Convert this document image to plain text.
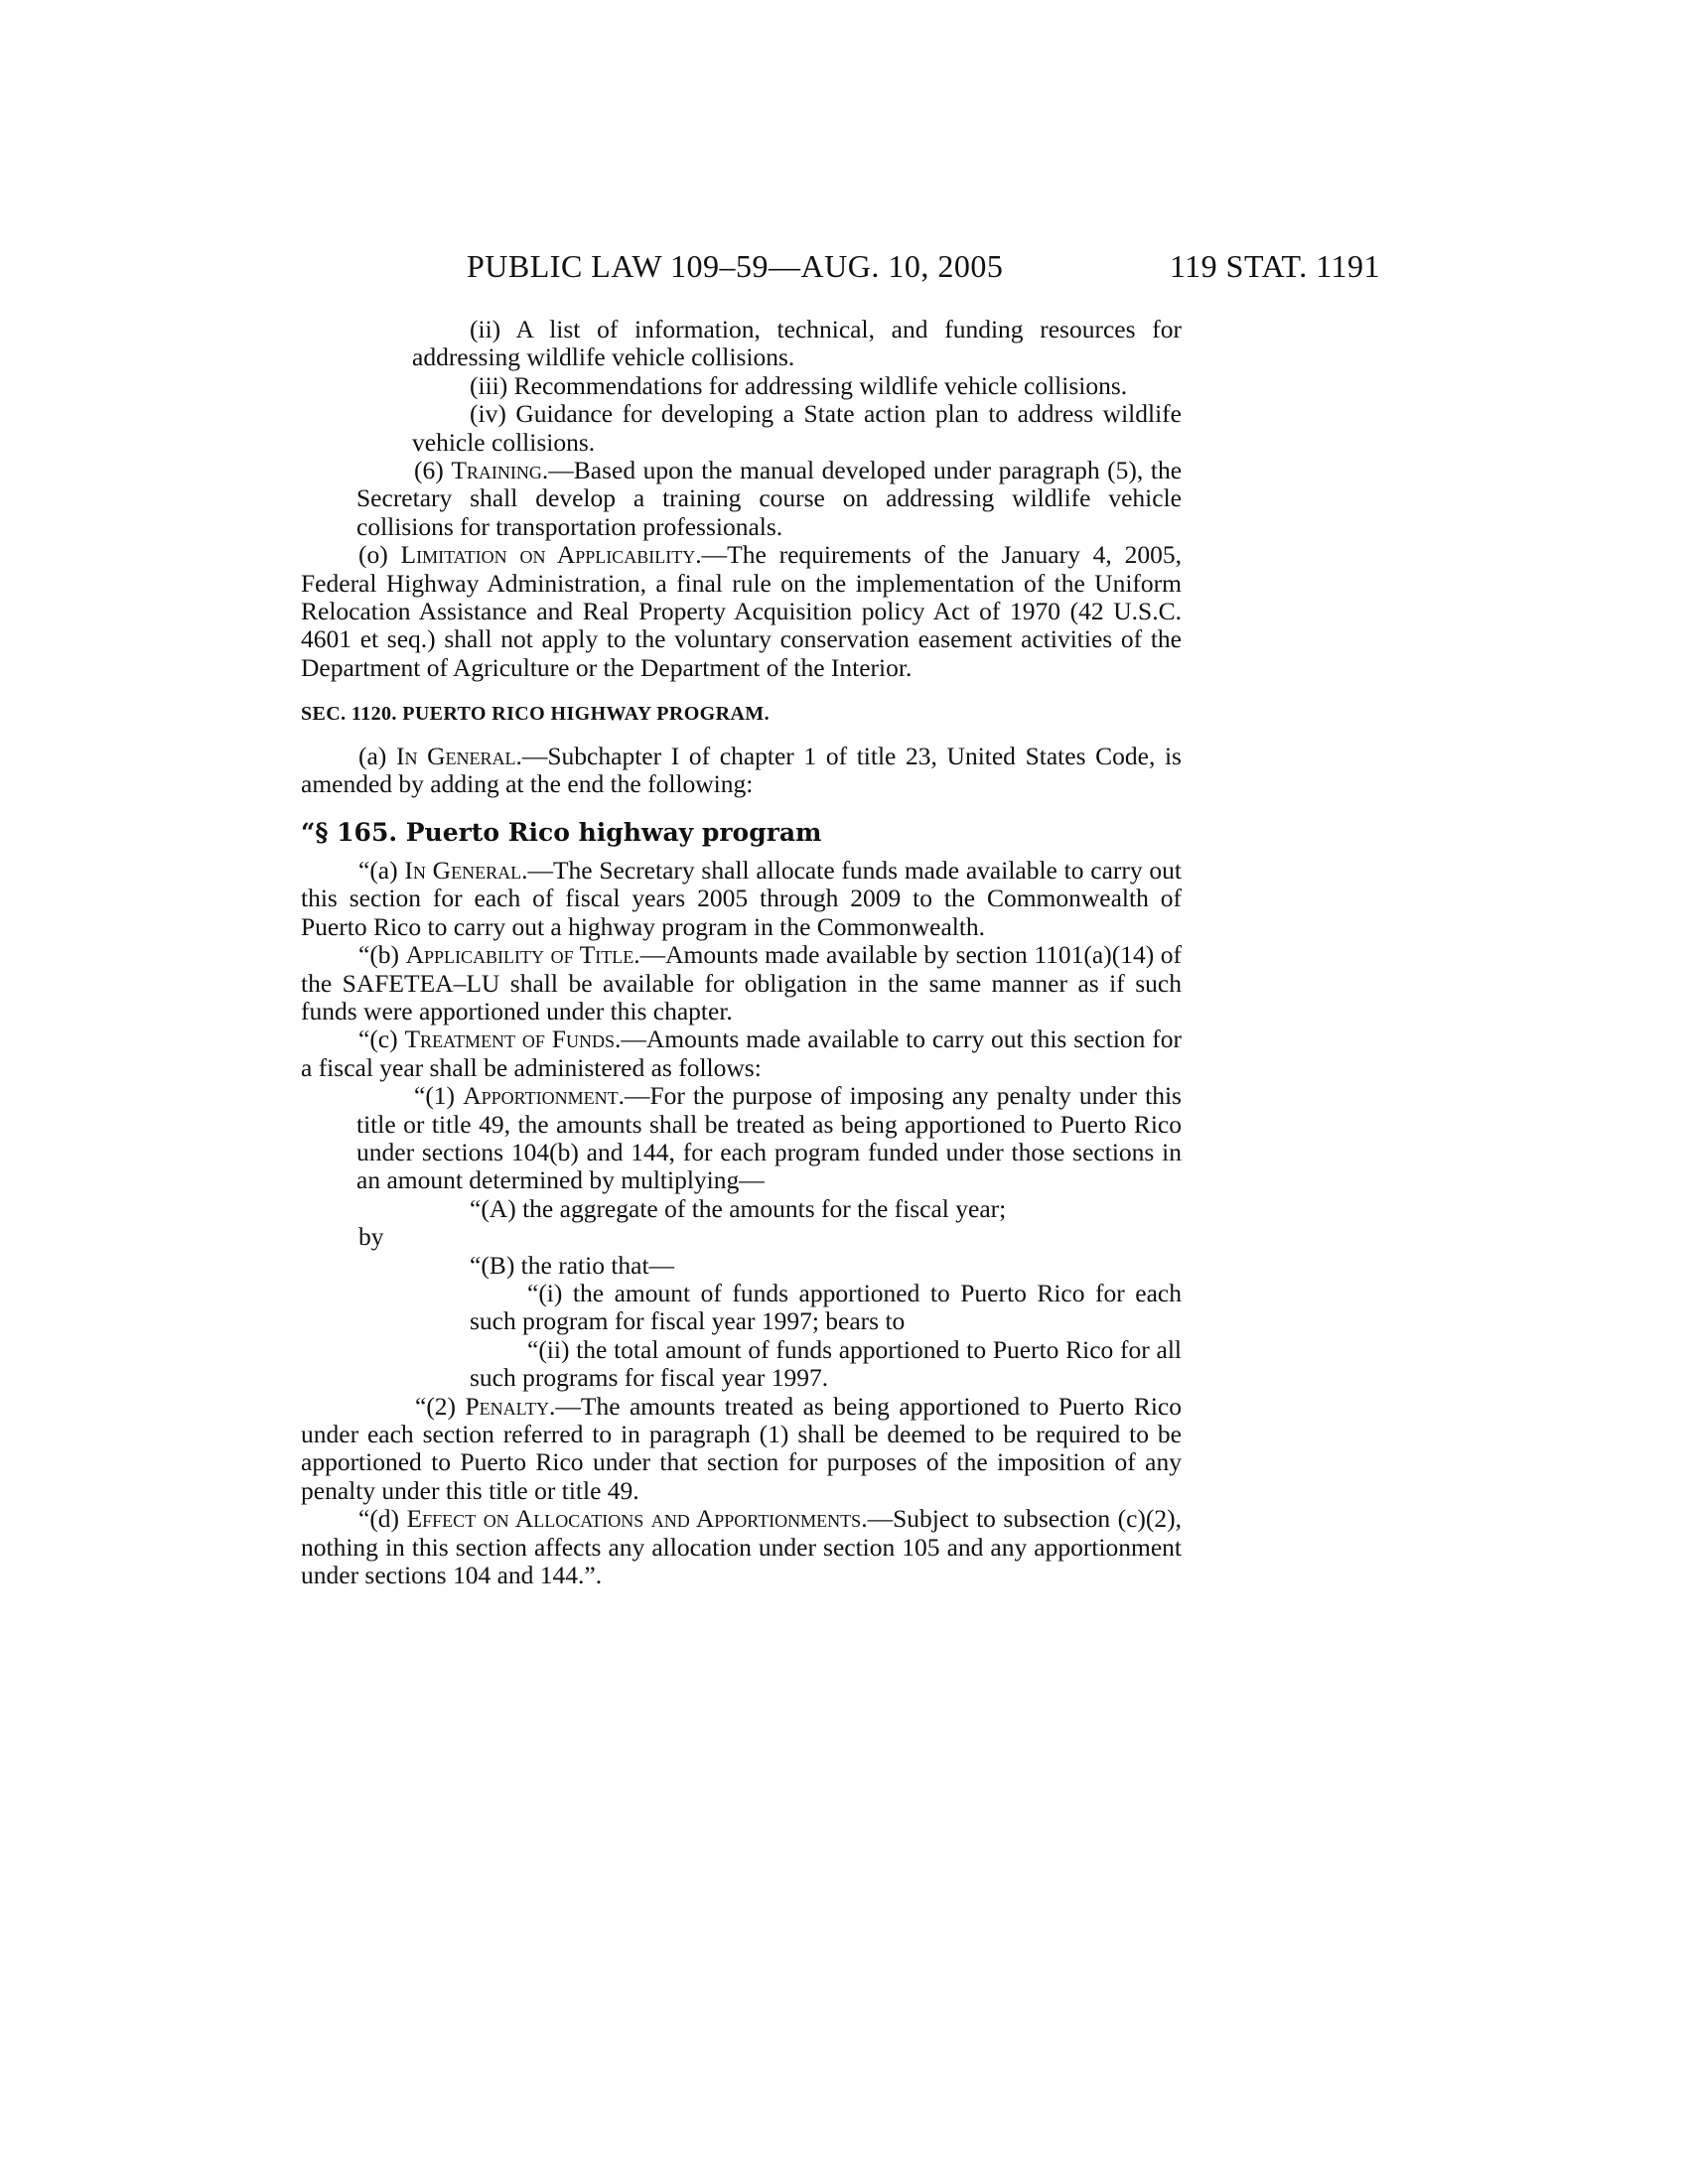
PUBLIC LAW 109–59—AUG. 10, 2005	119 STAT. 1191

(ii) A list of information, technical, and funding resources for addressing wildlife vehicle collisions.

(iii) Recommendations for addressing wildlife vehicle collisions.

(iv) Guidance for developing a State action plan to address wildlife vehicle collisions.

(6) Training.—Based upon the manual developed under paragraph (5), the Secretary shall develop a training course on addressing wildlife vehicle collisions for transportation professionals.

(o) Limitation on Applicability.—The requirements of the January 4, 2005, Federal Highway Administration, a final rule on the implementation of the Uniform Relocation Assistance and Real Property Acquisition policy Act of 1970 (42 U.S.C. 4601 et seq.) shall not apply to the voluntary conservation easement activities of the Department of Agriculture or the Department of the Interior.

SEC. 1120. PUERTO RICO HIGHWAY PROGRAM.

(a) In General.—Subchapter I of chapter 1 of title 23, United States Code, is amended by adding at the end the following:

“§ 165. Puerto Rico highway program

“(a) In General.—The Secretary shall allocate funds made available to carry out this section for each of fiscal years 2005 through 2009 to the Commonwealth of Puerto Rico to carry out a highway program in the Commonwealth.

“(b) Applicability of Title.—Amounts made available by section 1101(a)(14) of the SAFETEA–LU shall be available for obligation in the same manner as if such funds were apportioned under this chapter.

“(c) Treatment of Funds.—Amounts made available to carry out this section for a fiscal year shall be administered as follows:

“(1) Apportionment.—For the purpose of imposing any penalty under this title or title 49, the amounts shall be treated as being apportioned to Puerto Rico under sections 104(b) and 144, for each program funded under those sections in an amount determined by multiplying—

“(A) the aggregate of the amounts for the fiscal year;

by

“(B) the ratio that—

“(i) the amount of funds apportioned to Puerto Rico for each such program for fiscal year 1997; bears to

“(ii) the total amount of funds apportioned to Puerto Rico for all such programs for fiscal year 1997.

“(2) Penalty.—The amounts treated as being apportioned to Puerto Rico under each section referred to in paragraph (1) shall be deemed to be required to be apportioned to Puerto Rico under that section for purposes of the imposition of any penalty under this title or title 49.

“(d) Effect on Allocations and Apportionments.—Subject to subsection (c)(2), nothing in this section affects any allocation under section 105 and any apportionment under sections 104 and 144.”.
